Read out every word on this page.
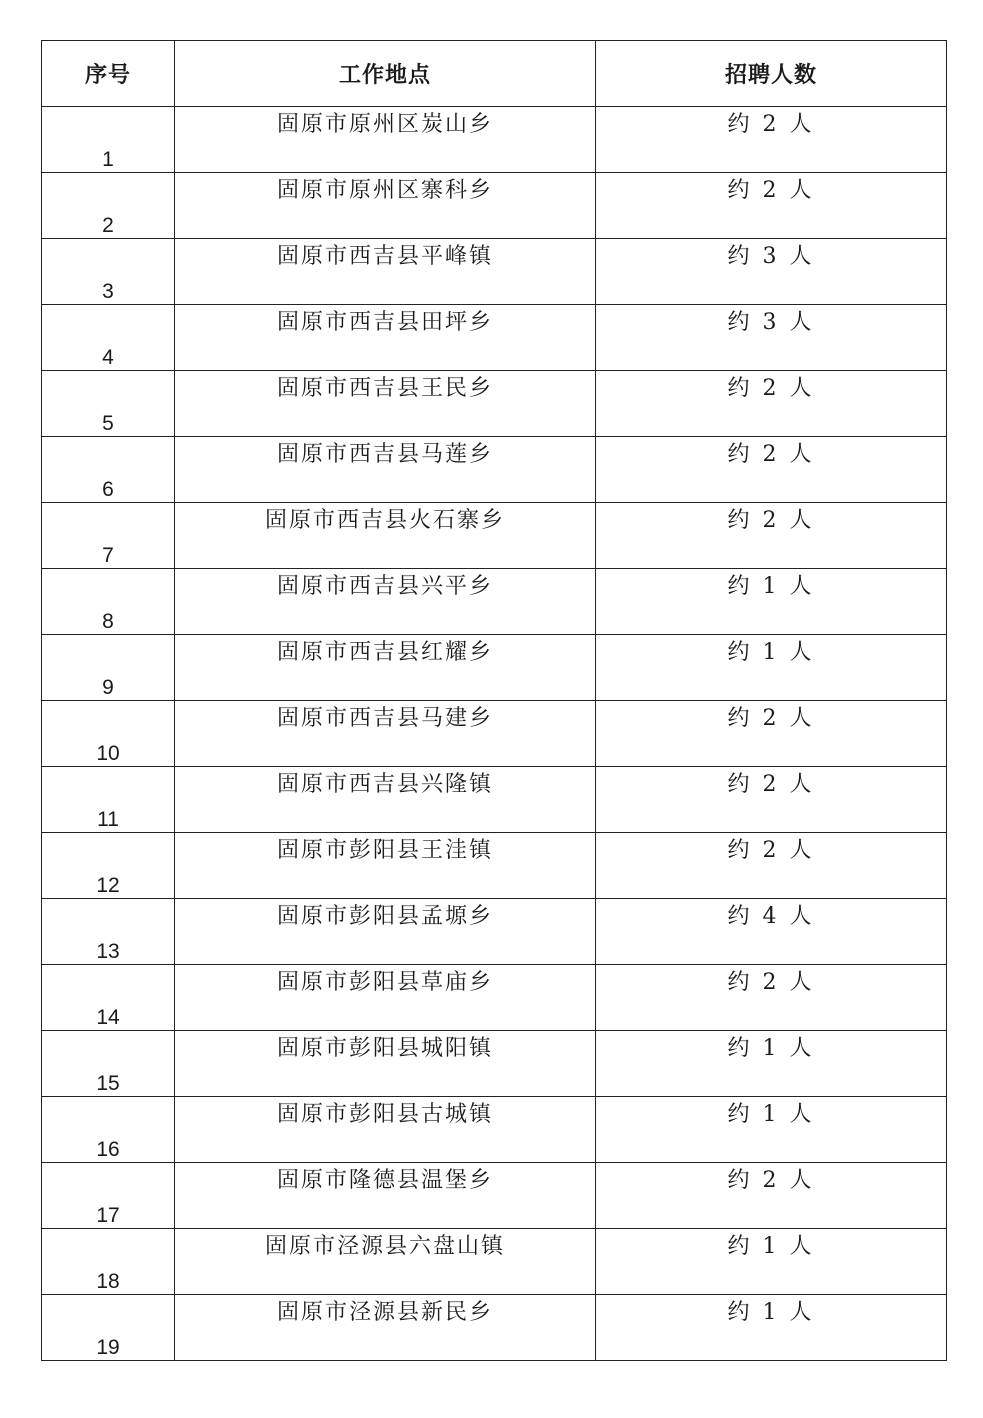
序号	工作地点	招聘人数
1	固原市原州区炭山乡	约 2 人
2	固原市原州区寨科乡	约 2 人
3	固原市西吉县平峰镇	约 3 人
4	固原市西吉县田坪乡	约 3 人
5	固原市西吉县王民乡	约 2 人
6	固原市西吉县马莲乡	约 2 人
7	固原市西吉县火石寨乡	约 2 人
8	固原市西吉县兴平乡	约 1 人
9	固原市西吉县红耀乡	约 1 人
10	固原市西吉县马建乡	约 2 人
11	固原市西吉县兴隆镇	约 2 人
12	固原市彭阳县王洼镇	约 2 人
13	固原市彭阳县孟塬乡	约 4 人
14	固原市彭阳县草庙乡	约 2 人
15	固原市彭阳县城阳镇	约 1 人
16	固原市彭阳县古城镇	约 1 人
17	固原市隆德县温堡乡	约 2 人
18	固原市泾源县六盘山镇	约 1 人
19	固原市泾源县新民乡	约 1 人
